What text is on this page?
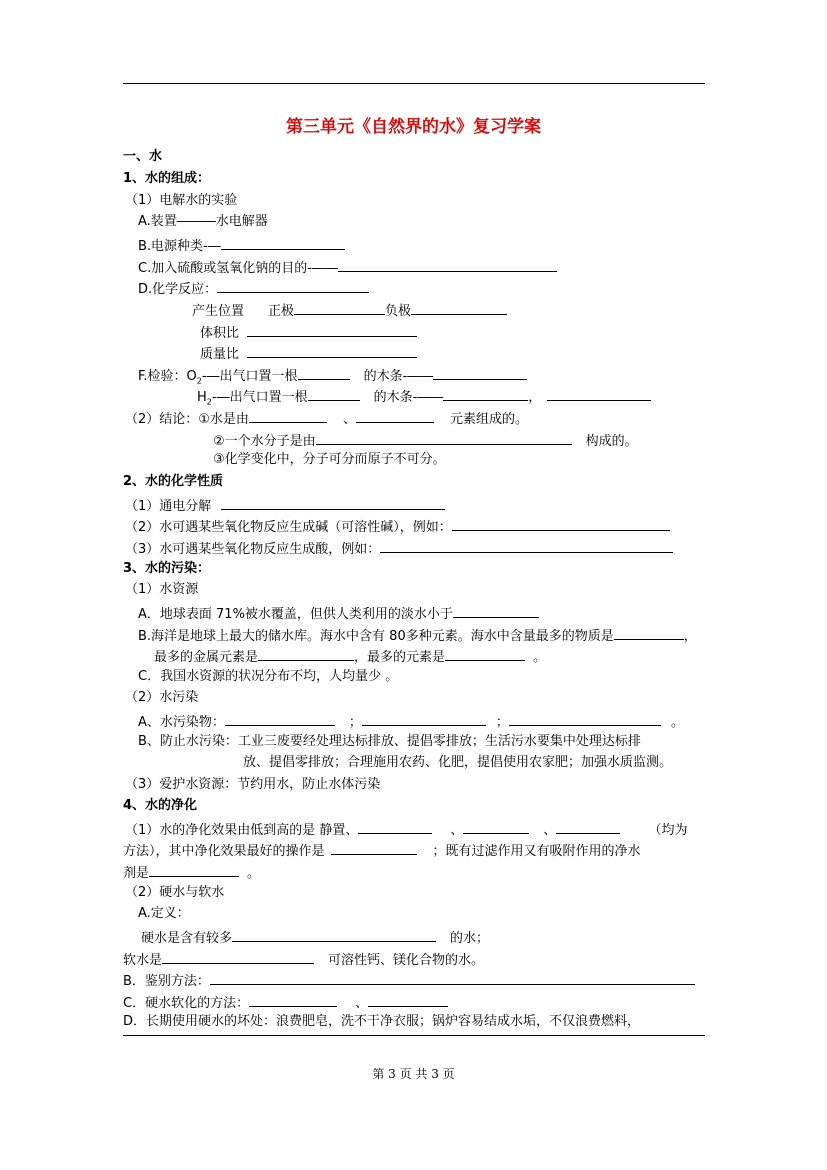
第三单元《自然界的水》复习学案
一、水
1、水的组成：
（1）电解水的实验
A.装置―――水电解器
B.电源种类-―
C.加入硫酸或氢氧化钠的目的-――
D.化学反应：
产生位置 正极	负极
体积比
质量比
F.检验：$O_2-―$出气口置一根	的木条-――
$H_2-―$出气口置一根	的木条-――	，
（2）结论：①水是由	、	元素组成的。
②一个水分子是由	构成的。
③化学变化中，分子可分而原子不可分。
2、水的化学性质
（1）通电分解
（2）水可遇某些氧化物反应生成碱（可溶性碱），例如：
（3）水可遇某些氧化物反应生成酸，例如：
3、水的污染：
（1）水资源
A．地球表面 71%被水覆盖，但供人类利用的淡水小于
B.海洋是地球上最大的储水库。海水中含有 80多种元素。海水中含量最多的物质是	，
最多的金属元素是	，最多的元素是	。
C．我国水资源的状况分布不均，人均量少 。
（2）水污染
A、水污染物：	；	；	。
B、防止水污染：工业三废要经处理达标排放、提倡零排放；生活污水要集中处理达标排
放、提倡零排放；合理施用农药、化肥，提倡使用农家肥；加强水质监测。
（3）爱护水资源：节约用水，防止水体污染
4、水的净化
（1）水的净化效果由低到高的是 静置、	、	、	（均为
方法），其中净化效果最好的操作是	；既有过滤作用又有吸附作用的净水
剂是	。
（2）硬水与软水
A.定义：
硬水是含有较多	的水；
软水是	可溶性钙、镁化合物的水。
B．鉴别方法：
C．硬水软化的方法：	、
D．长期使用硬水的坏处：浪费肥皂，洗不干净衣服；锅炉容易结成水垢，不仅浪费燃料，
第 3 页 共 3 页
